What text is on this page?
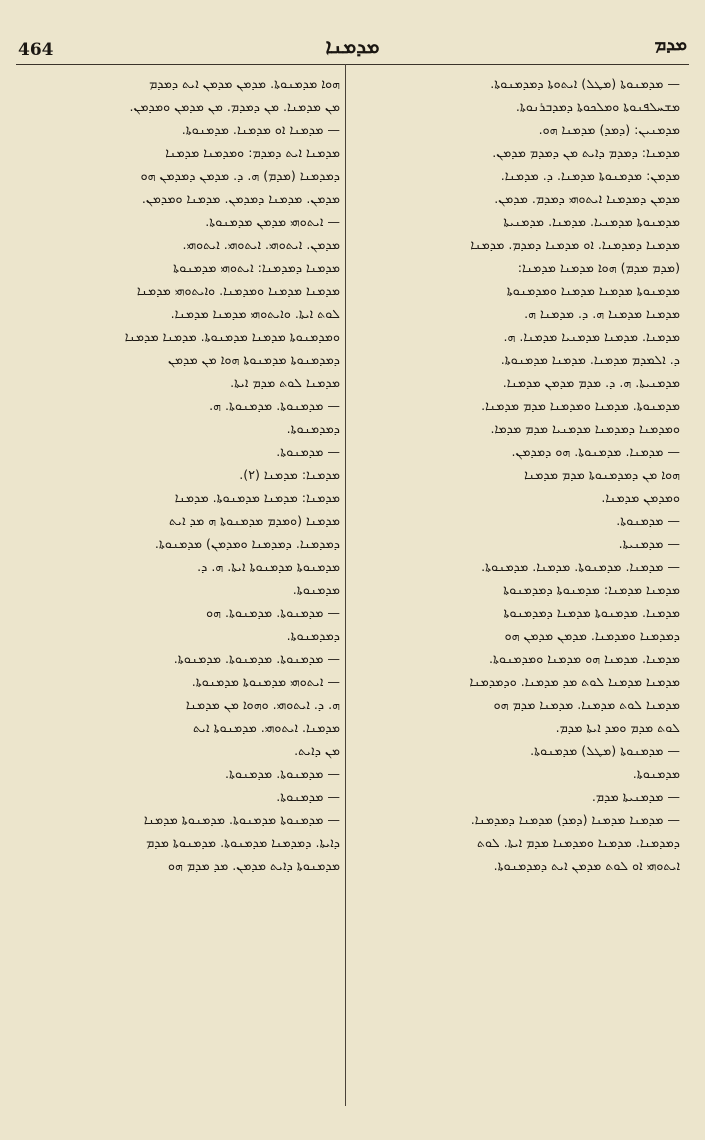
464	ܡܕܡܢܐ	ܡܕܡ
ܗܘܐ ܡܕܡܢܘܬܐ. ܡܕܡܢ ܡܕܡܢ ܐܝܬ ܕܡܕܡ
ܡܢ ܡܕܡܢܐ. ܡܢ ܕܡܕܡ. ܡܢ ܡܕܡܢ ܘܡܕܡܢ.
— ܡܕܡܢܐ ܐܘ ܡܕܡܢܐ. ܡܕܡܢܘܬܐ.
ܡܕܡܢܐ ܐܝܬ ܕܡܕܡ: ܘܡܕܡܢܐ ܡܕܡܢܐ
ܕܡܕܡܢܐ (ܡܕܡ) ܗ. ܕ. ܡܕܡܢ ܕܡܕܡܢ ܗܘ
ܡܕܡܢ. ܡܕܡܢܐ ܕܡܕܡܢ. ܡܕܡܢܐ ܘܡܕܡܢ.
— ܐܝܬܘܗܝ ܡܕܡܢ ܡܕܡܢܘܬܐ.
ܡܕܡܢ. ܐܝܬܘܗܝ. ܐܝܬܘܗܝ. ܐܝܬܘܗܝ.
ܡܕܡܢܐ ܕܡܕܡܢܐ: ܐܝܬܘܗܝ ܡܕܡܢܘܬܐ
ܡܕܡܢܐ ܡܕܡܢܐ ܘܡܕܡܢܐ. ܘܐܝܬܘܗܝ ܡܕܡܢܐ
ܠܘܬ ܐܝܬܐ. ܘܐܝܬܘܗܝ ܡܕܡܢܐ ܡܕܡܢܐ.
ܘܡܕܡܢܘܬܐ ܡܕܡܢܐ ܡܕܡܢܘܬܐ. ܡܕܡܢܐ ܡܕܡܢܐ
ܕܡܕܡܢܘܬܐ ܡܕܡܢܘܬܐ ܗܘܐ ܡܢ ܡܕܡܢ
ܡܕܡܢܐ ܠܘܬ ܡܕܡ ܐܝܬܐ.
— ܡܕܡܢܘܬܐ. ܡܕܡܢܘܬܐ. ܗ.
ܕܡܕܡܢܘܬܐ.
— ܡܕܡܢܘܬܐ.
ܡܕܡܢܐ: ܡܕܡܢܐ (٢).
ܡܕܡܢܐ: ܡܕܡܢܐ ܡܕܡܢܘܬܐ. ܡܕܡܢܐ
ܡܕܡܢܐ (ܘܡܕܡ ܡܕܡܢܘܬܐ ܗ ܡܕ ܐܝܬ
ܕܡܕܡܢܐ. ܕܡܕܡܢܐ ܘܡܕܡܢ) ܡܕܡܢܘܬܐ.
ܡܕܡܢܘܬܐ ܡܕܡܢܘܬܐ ܐܝܬܐ. ܗ. ܕ.
ܡܕܡܢܘܬܐ.
— ܡܕܡܢܘܬܐ. ܡܕܡܢܘܬܐ. ܗܘ
ܕܡܕܡܢܘܬܐ.
— ܡܕܡܢܘܬܐ. ܡܕܡܢܘܬܐ. ܡܕܡܢܘܬܐ.
— ܐܝܬܘܗܝ ܡܕܡܢܘܬܐ ܡܕܡܢܘܬܐ.
ܗ. ܕ. ܐܝܬܘܗܝ. ܘܗܘܐ ܡܢ ܡܕܡܢܐ
ܡܕܡܢܐ. ܐܝܬܘܗܝ. ܡܕܡܢܘܬܐ ܐܝܬ
ܡܢ ܕܐܝܬ.
— ܡܕܡܢܘܬܐ. ܡܕܡܢܘܬܐ.
— ܡܕܡܢܘܬܐ.
— ܡܕܡܢܘܬܐ ܡܕܡܢܘܬܐ. ܡܕܡܢܘܬܐ ܡܕܡܢܐ
ܕܐܝܬܐ. ܕܡܕܡܢܐ ܡܕܡܢܘܬܐ. ܡܕܡܢܘܬܐ ܡܕܡ
ܡܕܡܢܘܬܐ ܕܐܝܬ ܡܕܡܢ. ܡܕ ܡܕܡ ܗܘ
— ܡܕܡܢܘܬܐ (ܡܛܠ) ܐܝܬܘܬܐ ܕܡܕܡܢܘܬܐ.
ܡܫܚܠܦܢܘܬܐ ܘܡܠܟܘܬܐ ܕܡܕܒܪܢܘܬܐ.
ܡܕܡܢܝܢ: (ܕܡܕ) ܡܕܡܢܐ ܗܘ.
ܡܕܡܢܐ: ܕܡܕܡ ܕܐܝܬ ܡܢ ܕܡܕܡ ܡܕܡܢ.
ܡܕܡܢ: ܡܕܡܢܘܬܐ ܡܕܡܢܐ. ܕ. ܡܕܡܢܐ.
ܡܕܡܢ ܕܡܕܡܢܐ ܐܝܬܘܗܝ ܕܡܕܡ. ܡܕܡܢ.
ܡܕܡܢܘܬܐ ܡܕܡܢܝܐ. ܡܕܡܢܐ. ܡܕܡܢܝܬܐ
ܡܕܡܢܐ ܕܡܕܡܢܐ. ܐܘ ܡܕܡܢܐ ܕܡܕܡ. ܡܕܡܢܐ
(ܡܕܡ ܡܕܡ) ܗܘܐ ܡܕܡܢܐ ܡܕܡܢܐ:
ܡܕܡܢܘܬܐ ܡܕܡܢܐ ܡܕܡܢܐ ܘܡܕܡܢܘܬܐ
ܡܕܡܢܐ ܡܕܡܢܐ ܗ. ܕ. ܡܕܡܢܐ ܗ.
ܡܕܡܢܐ. ܡܕܡܢܐ ܡܕܡܢܝܐ ܡܕܡܢܐ. ܗ.
ܕ. ܐܠܡܕܡ ܡܕܡܢܐ. ܡܕܡܢܐ ܡܕܡܢܘܬܐ.
ܡܕܡܢܝܬܐ. ܗ. ܕ. ܡܕܡ ܡܕܡܢ ܡܕܡܢܐ.
ܡܕܡܢܘܬܐ. ܡܕܡܢܐ ܘܡܕܡܢܐ ܡܕܡ ܡܕܡܢܐ.
ܘܡܕܡܢܐ ܕܡܕܡܢܐ ܡܕܡܢܝܐ ܡܕܡ ܡܕܡܐ.
— ܡܕܡܢܐ. ܡܕܡܢܘܬܐ. ܗܘ ܕܡܕܡܢ.
ܗܘܐ ܡܢ ܕܡܕܡܢܘܬܐ ܡܕܡ ܡܕܡܢܐ
ܘܡܕܡܢ ܡܕܡܢܐ.
— ܡܕܡܢܘܬܐ.
— ܡܕܡܢܝܬܐ.
— ܡܕܡܢܐ. ܡܕܡܢܘܬܐ. ܡܕܡܢܐ. ܡܕܡܢܘܬܐ.
ܡܕܡܢܐ ܡܕܡܢܐ: ܡܕܡܢܘܬܐ ܕܡܕܡܢܘܬܐ
ܡܕܡܢܐ. ܡܕܡܢܘܬܐ ܡܕܡܢܐ ܕܡܕܡܢܘܬܐ
ܕܡܕܡܢܐ ܘܡܕܡܢܐ. ܡܕܡܢ ܡܕܡܢ ܗܘ
ܡܕܡܢܐ. ܡܕܡܢܐ ܗܘ ܡܕܡܢܐ ܘܡܕܡܢܘܬܐ.
ܡܕܡܢܐ ܡܕܡܢܐ ܠܘܬ ܡܕ ܡܕܡܢܐ. ܘܕܡܕܡܢܐ
ܡܕܡܢܐ ܠܘܬ ܡܕܡܢܐ. ܡܕܡܢܐ ܡܕܡ ܗܘ
ܠܘܬ ܡܕܡ ܘܡܕ ܐܝܬܐ ܡܕܡ.
— ܡܕܡܢܘܬܐ (ܡܛܠ) ܡܕܡܢܘܬܐ.
ܡܕܡܢܘܬܐ.
— ܡܕܡܢܝܬܐ ܡܕܡ.
— ܡܕܡܢܐ ܡܕܡܢܐ (ܕܡܕ) ܡܕܡܢܐ ܕܡܕܡܢܐ.
ܕܡܕܡܢܐ. ܡܕܡܢܐ ܘܡܕܡܢܐ ܡܕܡ ܐܝܬܐ. ܠܘܬ
ܐܝܬܘܗܝ ܐܘ ܠܘܬ ܡܕܡܢ ܐܝܬ ܕܡܕܡܢܘܬܐ.
